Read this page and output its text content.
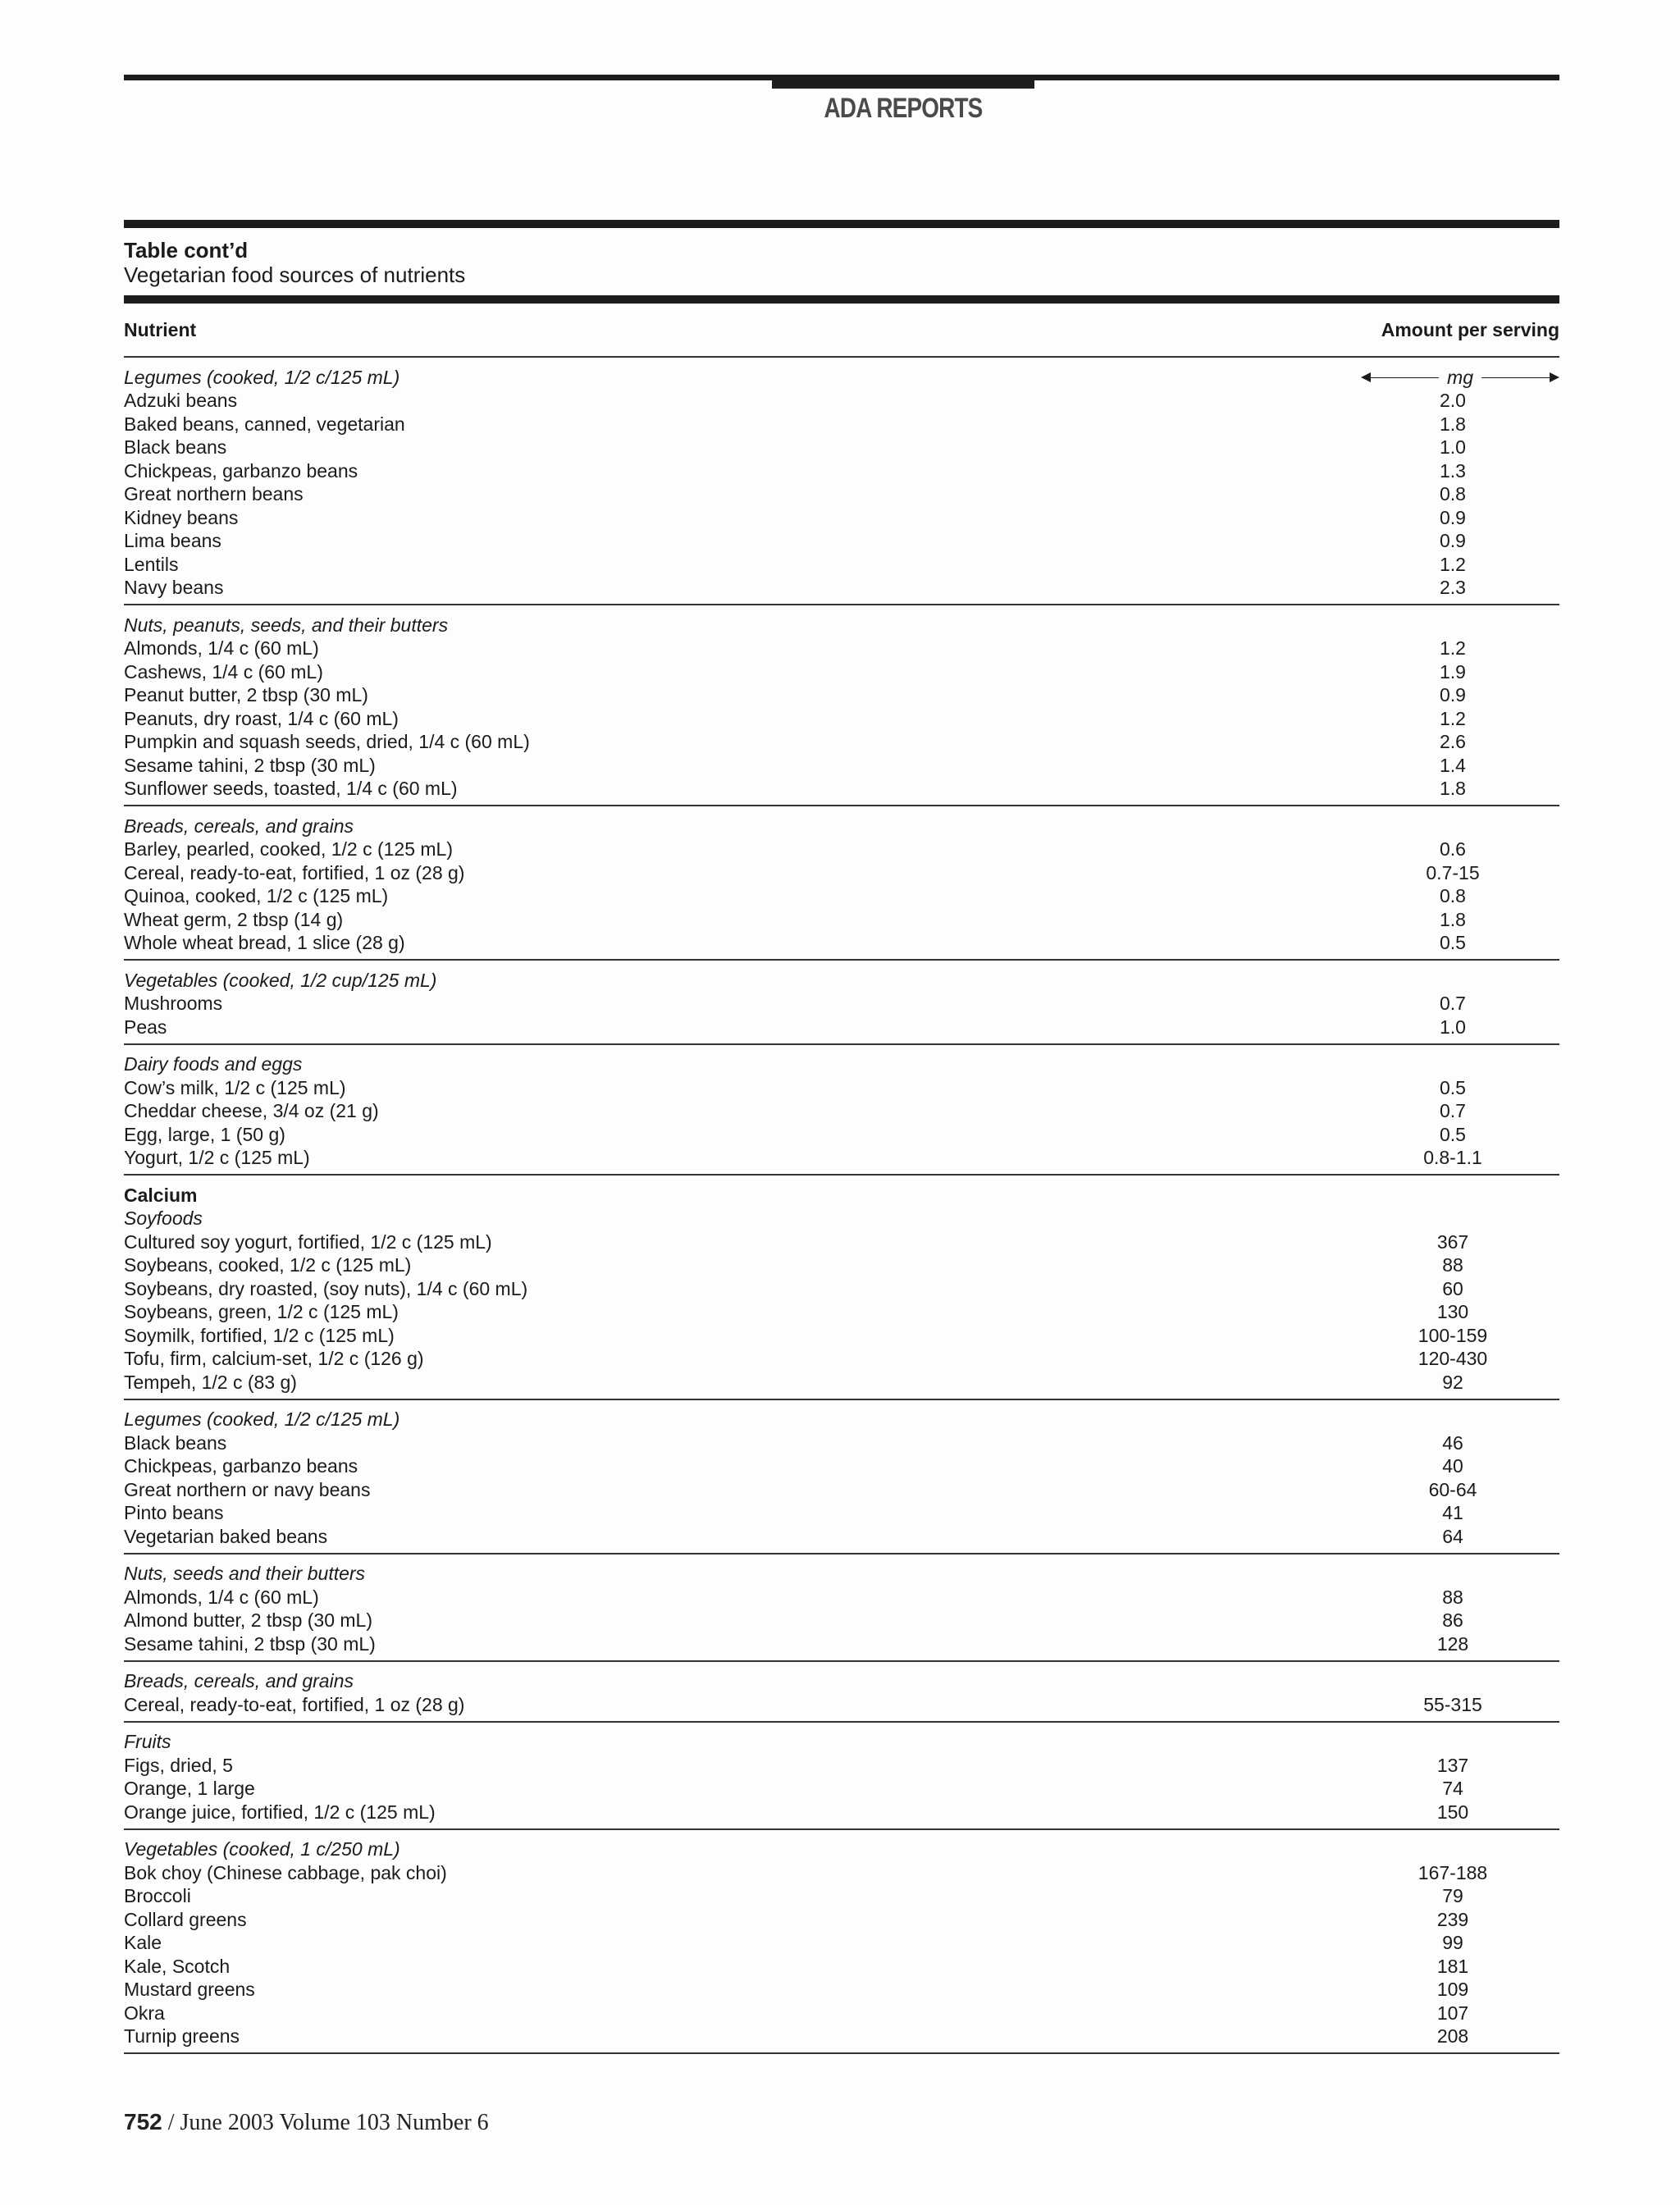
ADA REPORTS
Table cont’d
Vegetarian food sources of nutrients
Nutrient	Amount per serving
Legumes (cooked, 1/2 c/125 mL)	mg
Adzuki beans	2.0
Baked beans, canned, vegetarian	1.8
Black beans	1.0
Chickpeas, garbanzo beans	1.3
Great northern beans	0.8
Kidney beans	0.9
Lima beans	0.9
Lentils	1.2
Navy beans	2.3
Nuts, peanuts, seeds, and their butters
Almonds, 1/4 c (60 mL)	1.2
Cashews, 1/4 c (60 mL)	1.9
Peanut butter, 2 tbsp (30 mL)	0.9
Peanuts, dry roast, 1/4 c (60 mL)	1.2
Pumpkin and squash seeds, dried, 1/4 c (60 mL)	2.6
Sesame tahini, 2 tbsp (30 mL)	1.4
Sunflower seeds, toasted, 1/4 c (60 mL)	1.8
Breads, cereals, and grains
Barley, pearled, cooked, 1/2 c (125 mL)	0.6
Cereal, ready-to-eat, fortified, 1 oz (28 g)	0.7-15
Quinoa, cooked, 1/2 c (125 mL)	0.8
Wheat germ, 2 tbsp (14 g)	1.8
Whole wheat bread, 1 slice (28 g)	0.5
Vegetables (cooked, 1/2 cup/125 mL)
Mushrooms	0.7
Peas	1.0
Dairy foods and eggs
Cow’s milk, 1/2 c (125 mL)	0.5
Cheddar cheese, 3/4 oz (21 g)	0.7
Egg, large, 1 (50 g)	0.5
Yogurt, 1/2 c (125 mL)	0.8-1.1
Calcium
Soyfoods
Cultured soy yogurt, fortified, 1/2 c (125 mL)	367
Soybeans, cooked, 1/2 c (125 mL)	88
Soybeans, dry roasted, (soy nuts), 1/4 c (60 mL)	60
Soybeans, green, 1/2 c (125 mL)	130
Soymilk, fortified, 1/2 c (125 mL)	100-159
Tofu, firm, calcium-set, 1/2 c (126 g)	120-430
Tempeh, 1/2 c (83 g)	92
Legumes (cooked, 1/2 c/125 mL)
Black beans	46
Chickpeas, garbanzo beans	40
Great northern or navy beans	60-64
Pinto beans	41
Vegetarian baked beans	64
Nuts, seeds and their butters
Almonds, 1/4 c (60 mL)	88
Almond butter, 2 tbsp (30 mL)	86
Sesame tahini, 2 tbsp (30 mL)	128
Breads, cereals, and grains
Cereal, ready-to-eat, fortified, 1 oz (28 g)	55-315
Fruits
Figs, dried, 5	137
Orange, 1 large	74
Orange juice, fortified, 1/2 c (125 mL)	150
Vegetables (cooked, 1 c/250 mL)
Bok choy (Chinese cabbage, pak choi)	167-188
Broccoli	79
Collard greens	239
Kale	99
Kale, Scotch	181
Mustard greens	109
Okra	107
Turnip greens	208
752 / June 2003 Volume 103 Number 6
